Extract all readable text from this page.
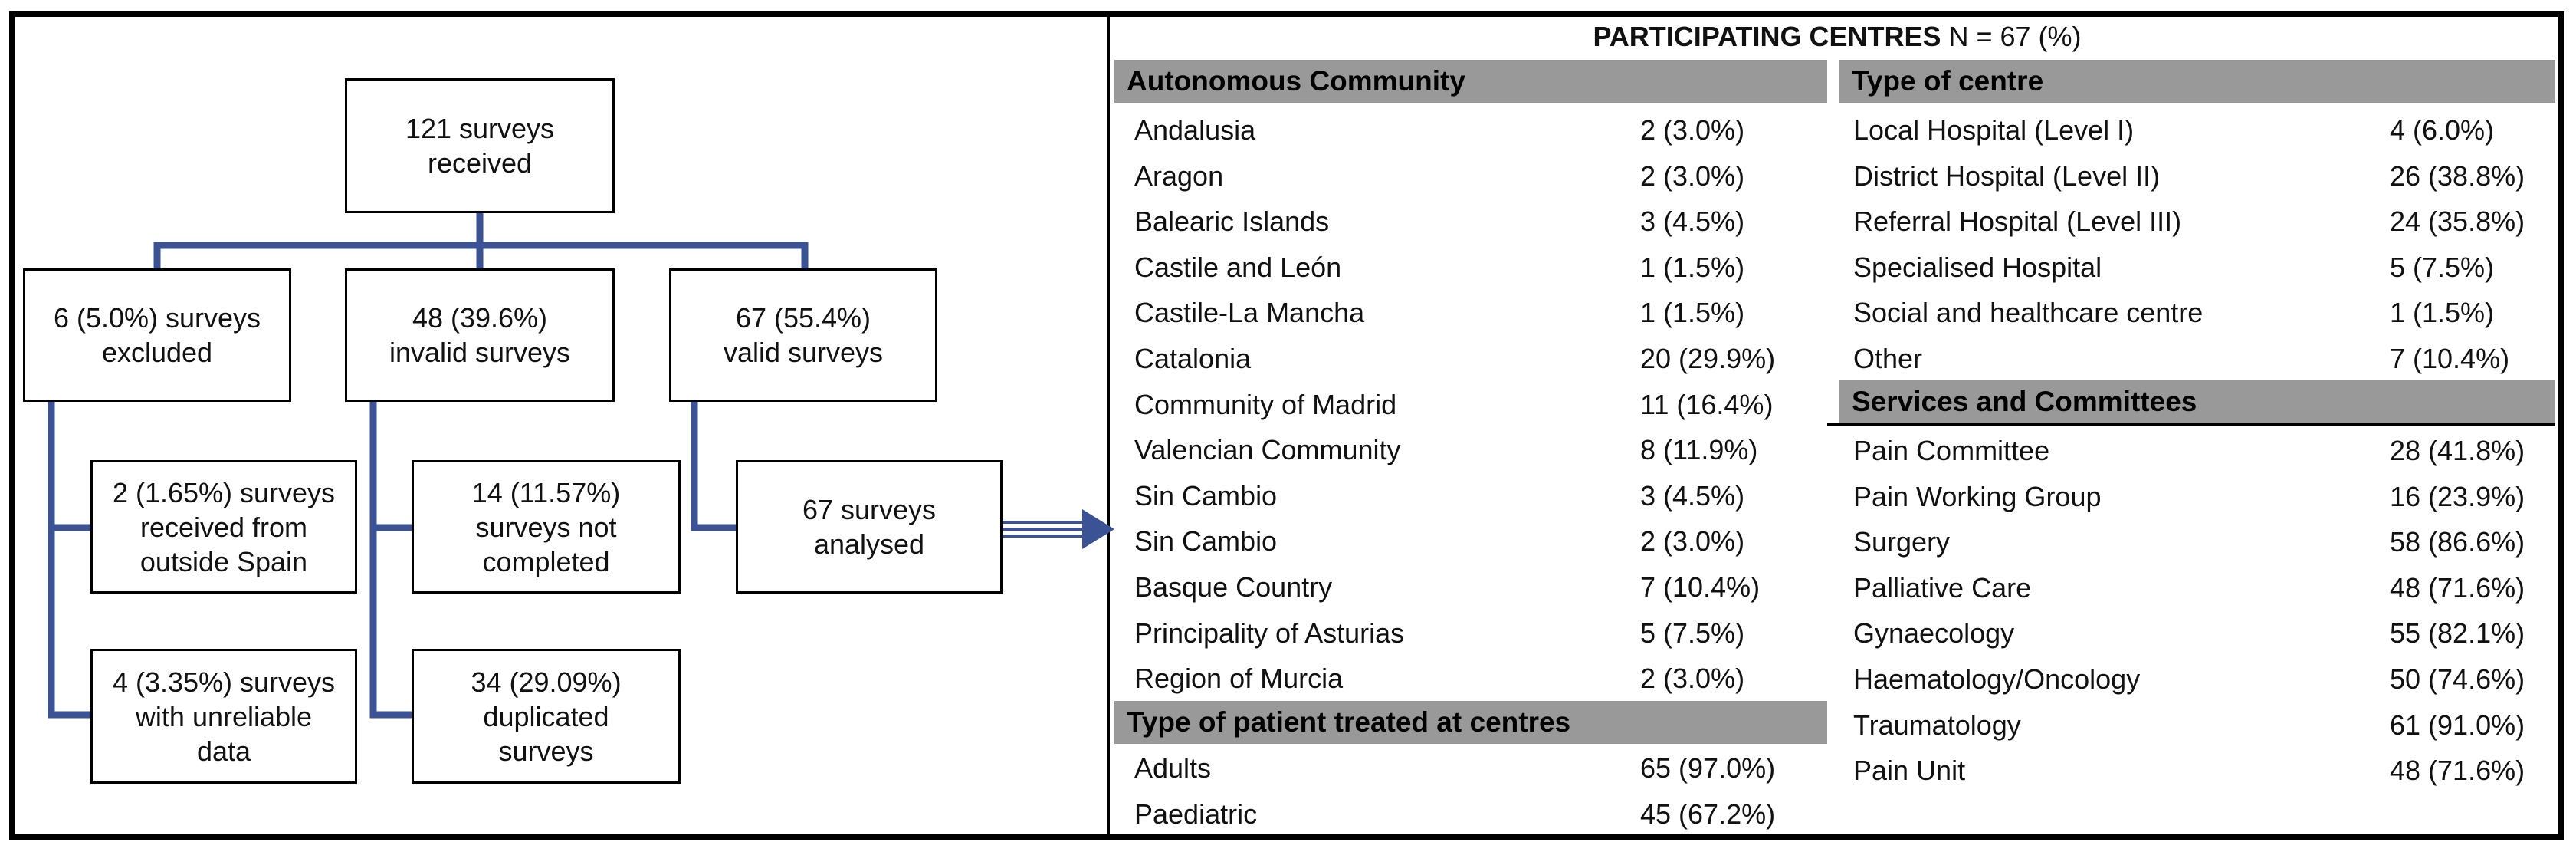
121 surveys
received
6 (5.0%) surveys
excluded
48 (39.6%)
invalid surveys
67 (55.4%)
valid surveys
2 (1.65%) surveys
received from
outside Spain
4 (3.35%) surveys
with unreliable
data
14 (11.57%)
surveys not
completed
34 (29.09%)
duplicated
surveys
67 surveys
analysed
PARTICIPATING CENTRES N = 67 (%)
Autonomous Community
Andalusia	2 (3.0%)
Aragon	2 (3.0%)
Balearic Islands	3 (4.5%)
Castile and León	1 (1.5%)
Castile-La Mancha	1 (1.5%)
Catalonia	20 (29.9%)
Community of Madrid	11 (16.4%)
Valencian Community	8 (11.9%)
Sin Cambio	3 (4.5%)
Sin Cambio	2 (3.0%)
Basque Country	7 (10.4%)
Principality of Asturias	5 (7.5%)
Region of Murcia	2 (3.0%)
Type of patient treated at centres
Adults	65 (97.0%)
Paediatric	45 (67.2%)
Type of centre
Local Hospital (Level I)	4 (6.0%)
District Hospital (Level II)	26 (38.8%)
Referral Hospital (Level III)	24 (35.8%)
Specialised Hospital	5 (7.5%)
Social and healthcare centre	1 (1.5%)
Other	7 (10.4%)
Services and Committees
Pain Committee	28 (41.8%)
Pain Working Group	16 (23.9%)
Surgery	58 (86.6%)
Palliative Care	48 (71.6%)
Gynaecology	55 (82.1%)
Haematology/Oncology	50 (74.6%)
Traumatology	61 (91.0%)
Pain Unit	48 (71.6%)
